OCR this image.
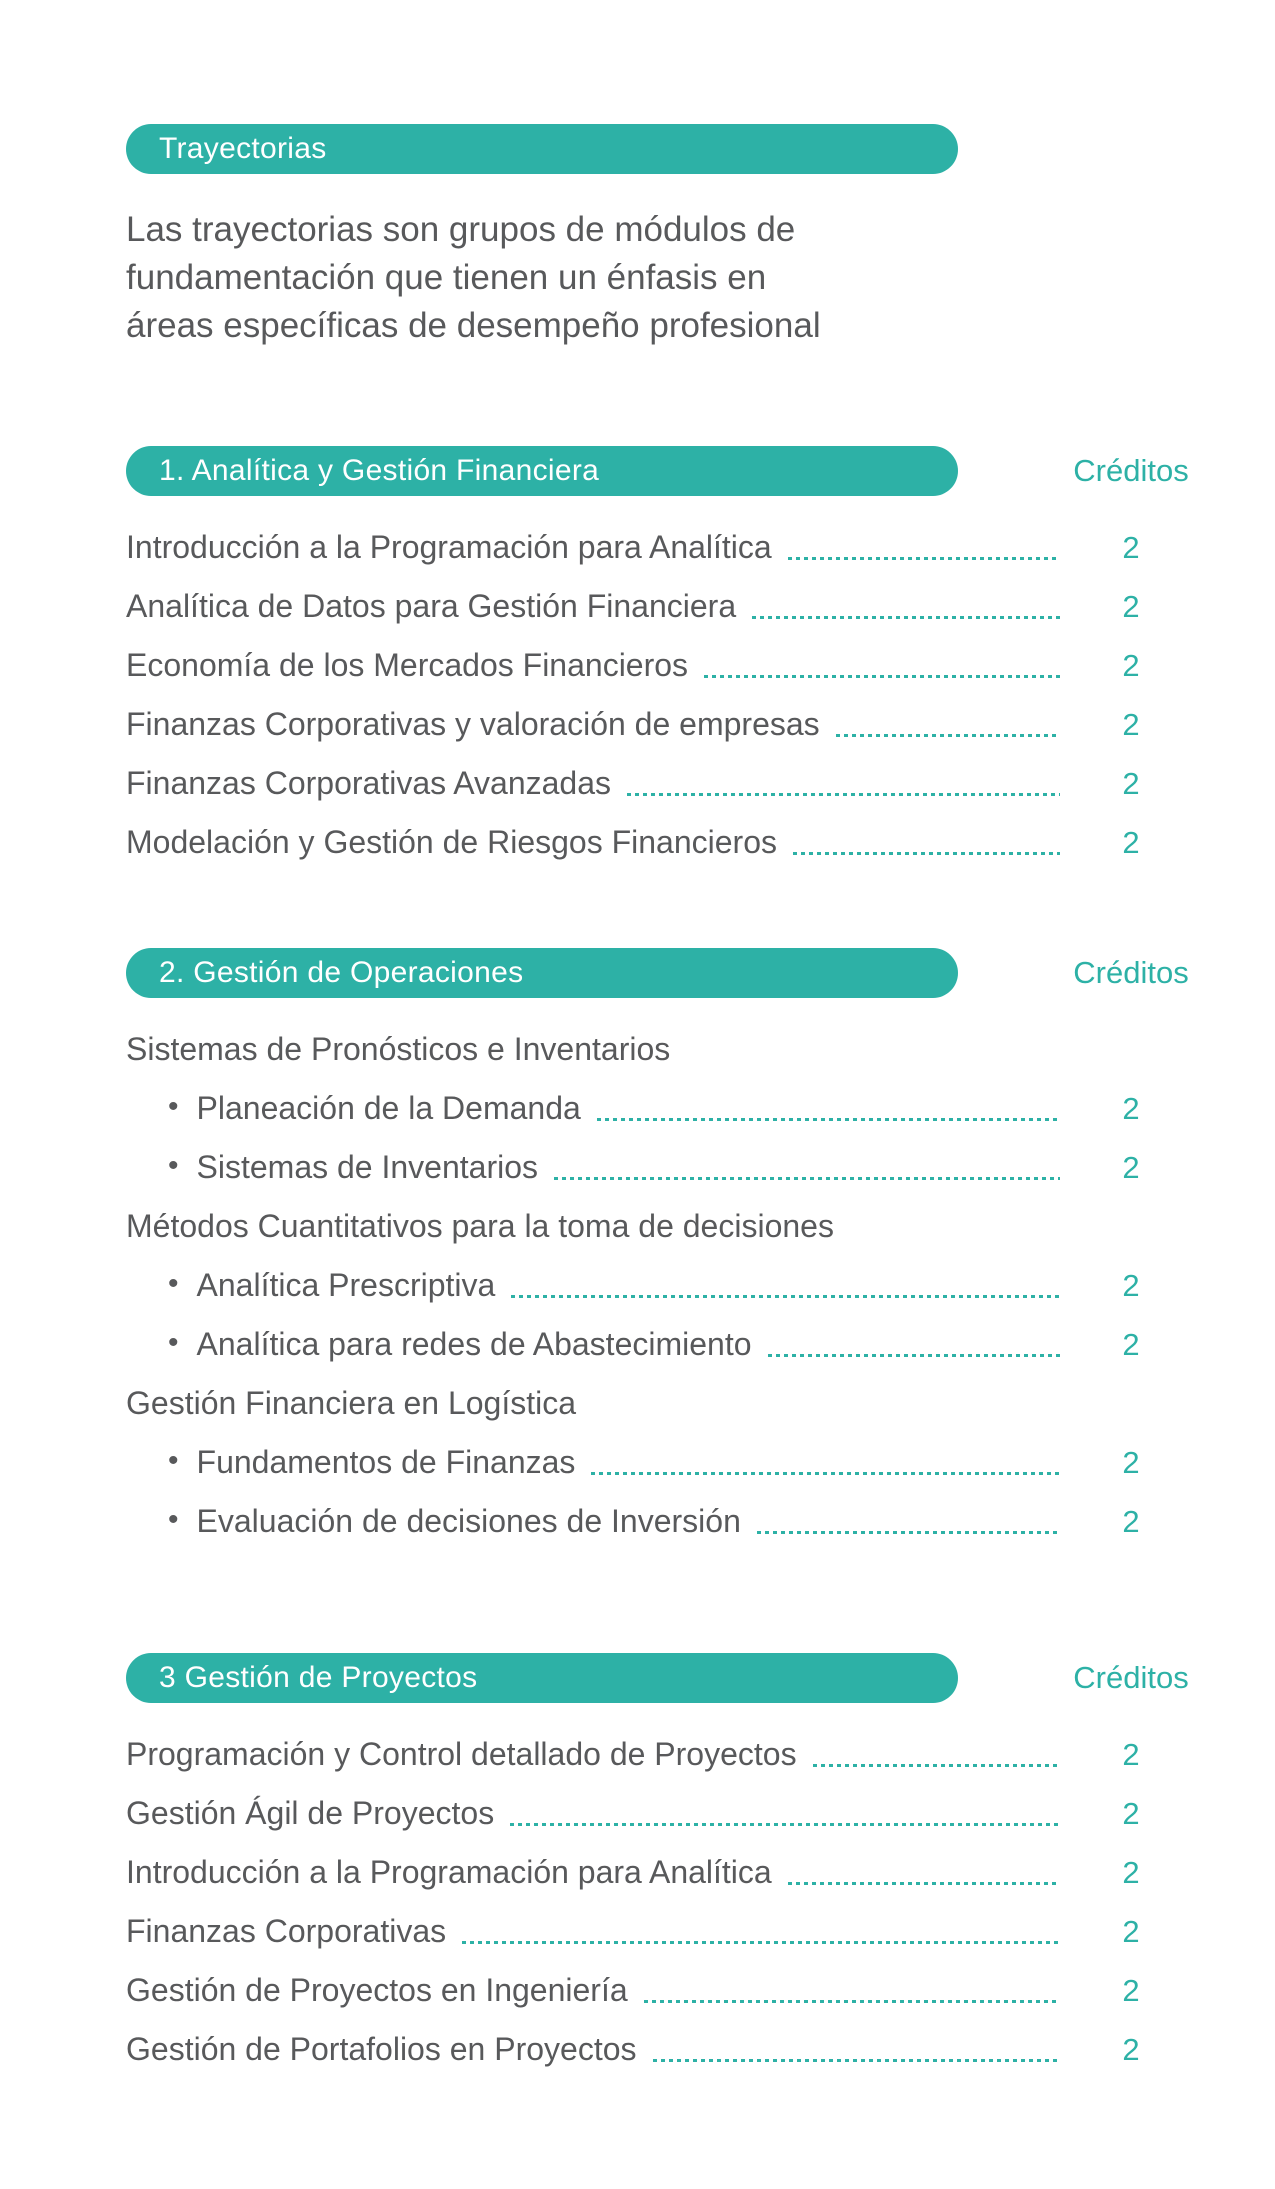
Trayectorias
Las trayectorias son grupos de módulos de
fundamentación que tienen un énfasis en
áreas específicas de desempeño profesional
1. Analítica y Gestión Financiera	Créditos
Introducción a la Programación para Analítica	2
Analítica de Datos para Gestión Financiera	2
Economía de los Mercados Financieros	2
Finanzas Corporativas y valoración de empresas	2
Finanzas Corporativas Avanzadas	2
Modelación y Gestión de Riesgos Financieros	2
2. Gestión de Operaciones	Créditos
Sistemas de Pronósticos e Inventarios
• Planeación de la Demanda	2
• Sistemas de Inventarios	2
Métodos Cuantitativos para la toma de decisiones
• Analítica Prescriptiva	2
• Analítica para redes de Abastecimiento	2
Gestión Financiera en Logística
• Fundamentos de Finanzas	2
• Evaluación de decisiones de Inversión	2
3 Gestión de Proyectos	Créditos
Programación y Control detallado de Proyectos	2
Gestión Ágil de Proyectos	2
Introducción a la Programación para Analítica	2
Finanzas Corporativas	2
Gestión de Proyectos en Ingeniería	2
Gestión de Portafolios en Proyectos	2
